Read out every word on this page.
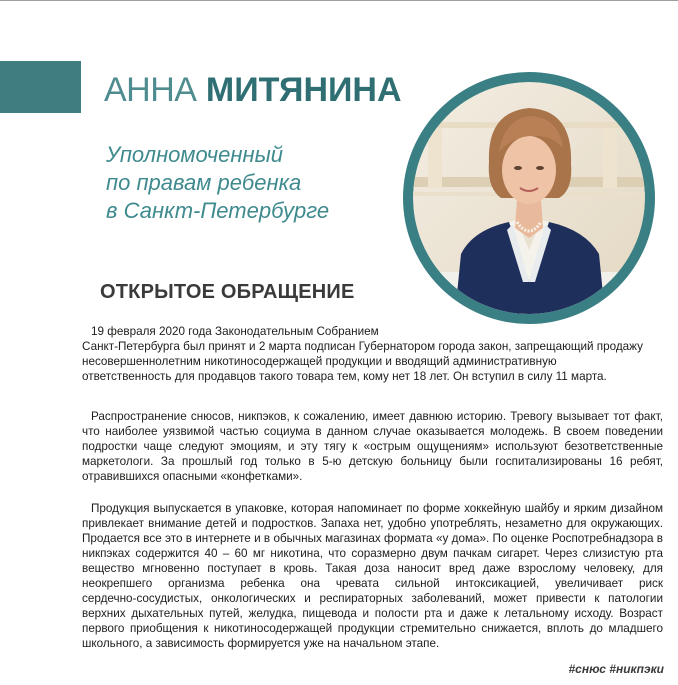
АННА МИТЯНИНА
Уполномоченный
по правам ребенка
в Санкт-Петербурге
ОТКРЫТОЕ ОБРАЩЕНИЕ
19 февраля 2020 года Законодательным Собранием
Санкт-Петербурга был принят и 2 марта подписан Губернатором города закон, запрещающий продажу
несовершеннолетним никотиносодержащей продукции и вводящий административную
ответственность для продавцов такого товара тем, кому нет 18 лет. Он вступил в силу 11 марта.
Распространение снюсов, никпэков, к сожалению, имеет давнюю историю. Тревогу вызывает тот факт,
что наиболее уязвимой частью социума в данном случае оказывается молодежь. В своем поведении
подростки чаще следуют эмоциям, и эту тягу к «острым ощущениям» используют безответственные
маркетологи. За прошлый год только в 5-ю детскую больницу были госпитализированы 16 ребят,
отравившихся опасными «конфетками».
Продукция выпускается в упаковке, которая напоминает по форме хоккейную шайбу и ярким дизайном
привлекает внимание детей и подростков. Запаха нет, удобно употреблять, незаметно для окружающих.
Продается все это в интернете и в обычных магазинах формата «у дома». По оценке Роспотребнадзора в
никпэках содержится 40 – 60 мг никотина, что соразмерно двум пачкам сигарет. Через слизистую рта
вещество мгновенно поступает в кровь. Такая доза наносит вред даже взрослому человеку, для
неокрепшего организма ребенка она чревата сильной интоксикацией, увеличивает риск
сердечно-сосудистых, онкологических и респираторных заболеваний, может привести к патологии
верхних дыхательных путей, желудка, пищевода и полости рта и даже к летальному исходу. Возраст
первого приобщения к никотиносодержащей продукции стремительно снижается, вплоть до младшего
школьного, а зависимость формируется уже на начальном этапе.
#снюс #никпэки
